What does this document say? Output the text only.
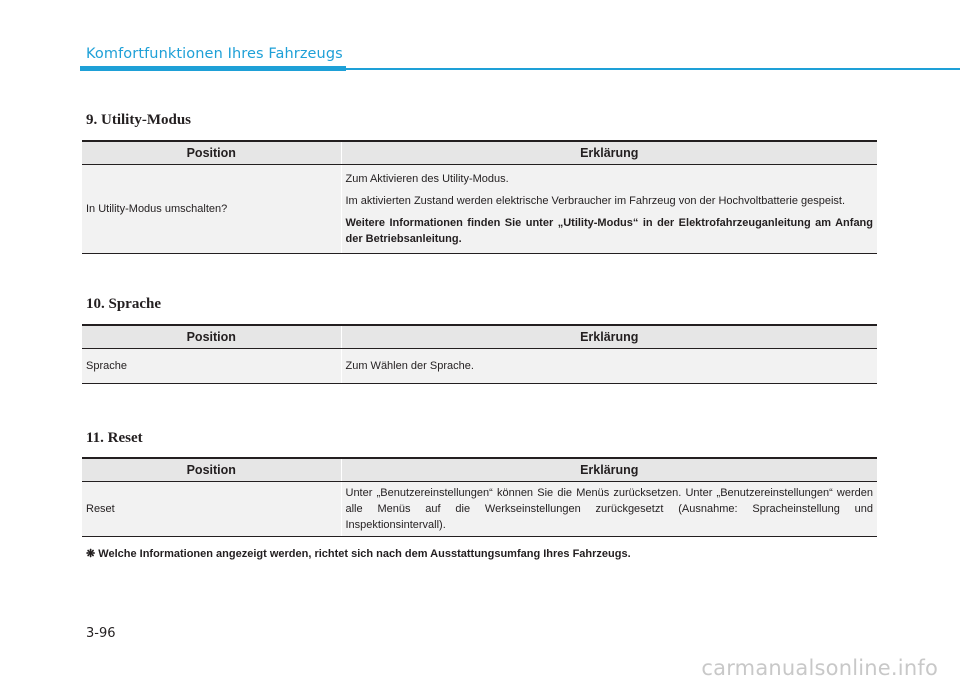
Komfortfunktionen Ihres Fahrzeugs
9. Utility-Modus
Position	Erklärung
In Utility-Modus umschalten?	Zum Aktivieren des Utility-Modus.

Im aktivierten Zustand werden elektrische Verbraucher im Fahrzeug von der Hochvoltbatterie gespeist.

Weitere Informationen finden Sie unter „Utility-Modus“ in der Elektrofahrzeuganleitung am Anfang der Betriebsanleitung.

10. Sprache
Position	Erklärung
Sprache	Zum Wählen der Sprache.

11. Reset
Position	Erklärung
Reset	Unter „Benutzereinstellungen“ können Sie die Menüs zurücksetzen. Unter „Benutzereinstellungen“ werden alle Menüs auf die Werkseinstellungen zurückgesetzt (Ausnahme: Spracheinstellung und Inspektionsintervall).

❋ Welche Informationen angezeigt werden, richtet sich nach dem Ausstattungsumfang Ihres Fahrzeugs.
3-96
carmanualsonline.info
